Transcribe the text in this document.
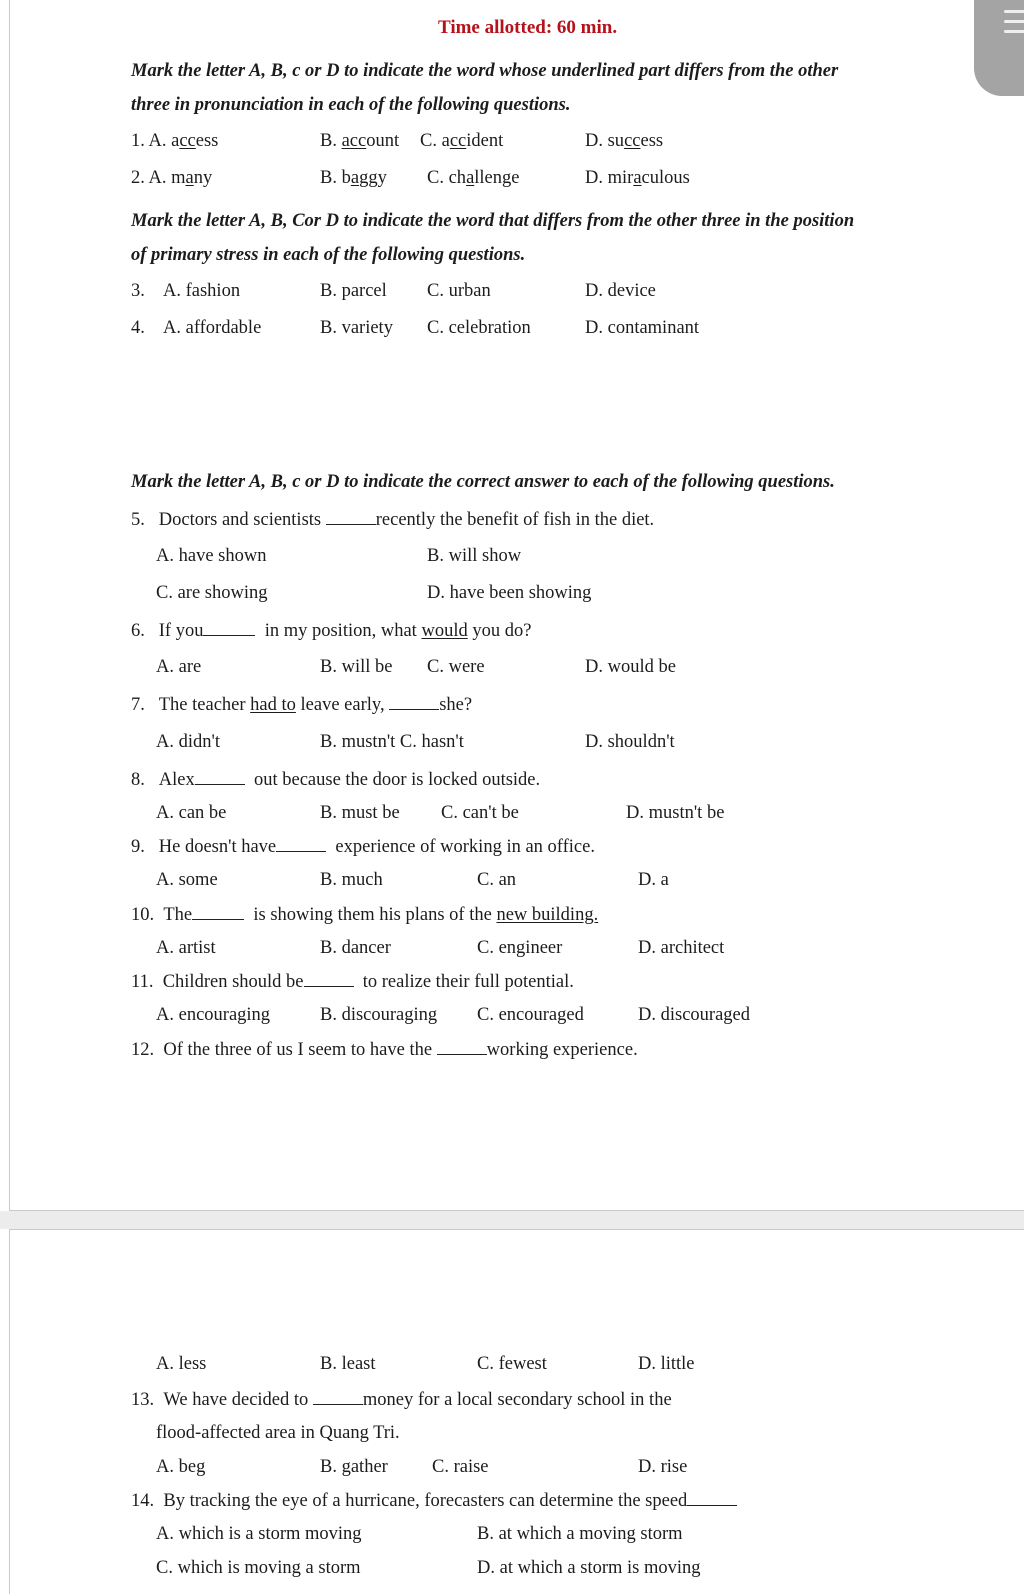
Time allotted: 60 min.
Mark the letter A, B, c or D to indicate the word whose underlined part differs from the other
three in pronunciation in each of the following questions.
1. A. access	B. account C. accident	D. success
2. A. many	B. baggy C. challenge	D. miraculous
Mark the letter A, B, Cor D to indicate the word that differs from the other three in the position
of primary stress in each of the following questions.
3. A. fashion	B. parcel C. urban	D. device
4. A. affordable	B. variety C. celebration	D. contaminant
Mark the letter A, B, c or D to indicate the correct answer to each of the following questions.
5. Doctors and scientists	recently the benefit of fish in the diet.
A. have shown	B. will show
C. are showing	D. have been showing
6. If you	in my position, what would you do?
A. are	B. will be C. were	D. would be
7. The teacher had to leave early,	she?
A. didn't	B. mustn't C. hasn't	D. shouldn't
8. Alex	out because the door is locked outside.
A. can be	B. must be C. can't be	D. mustn't be
9. He doesn't have	experience of working in an office.
A. some	B. much	C. an	D. a
10. The	is showing them his plans of the new building.
A. artist	B. dancer	C. engineer	D. architect
11. Children should be	to realize their full potential.
A. encouraging	B. discouraging C. encouraged	D. discouraged
12. Of the three of us I seem to have the	working experience.
A. less	B. least	C. fewest	D. little
13. We have decided to	money for a local secondary school in the
flood-affected area in Quang Tri.
A. beg	B. gather C. raise	D. rise
14. By tracking the eye of a hurricane, forecasters can determine the speed
A. which is a storm moving	B. at which a moving storm
C. which is moving a storm	D. at which a storm is moving
